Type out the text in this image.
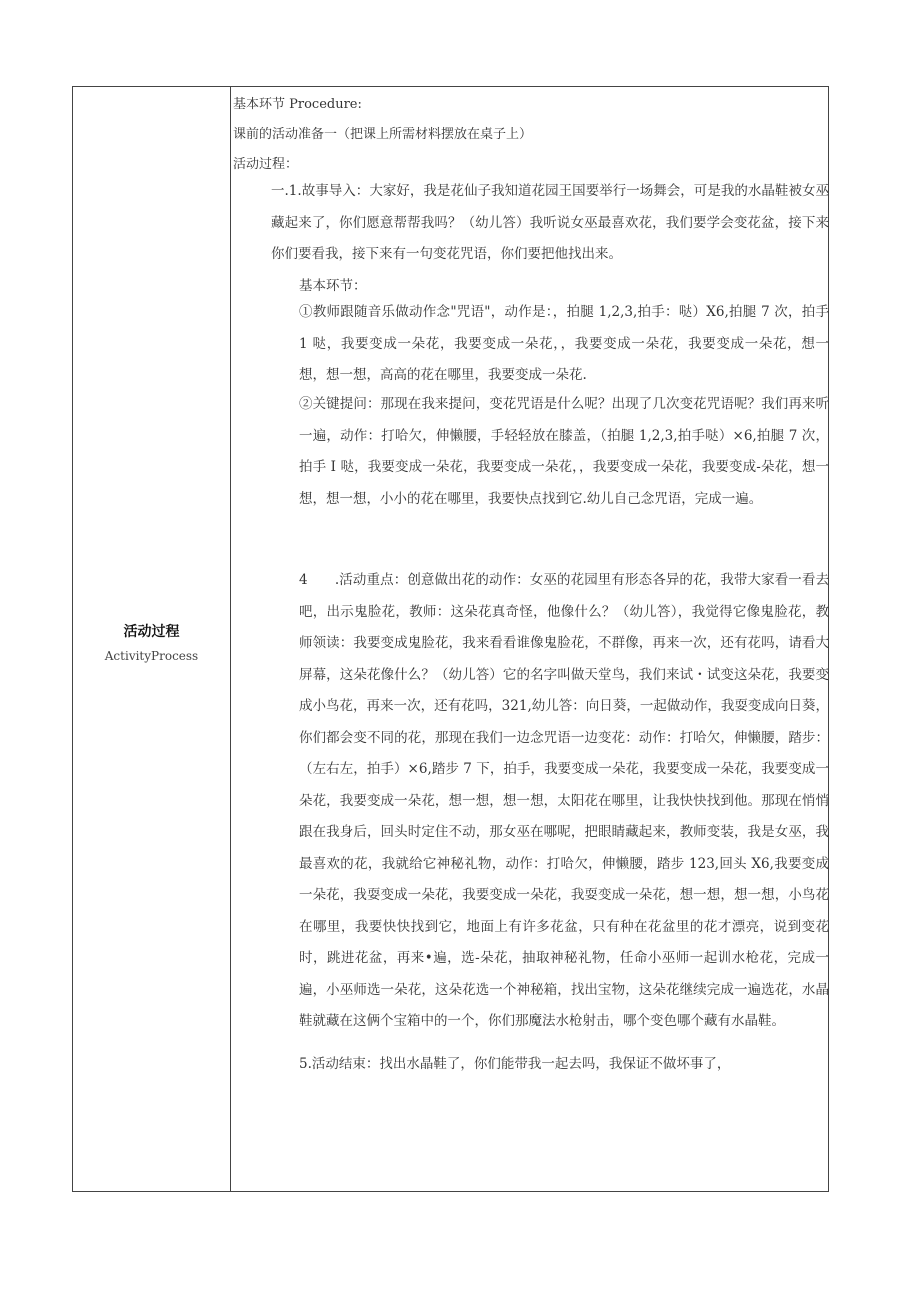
活动过程
ActivityProcess
基本环节 Procedure:
课前的活动准备一（把课上所需材料摆放在桌子上）
活动过程：
一.1.故事导入：大家好，我是花仙子我知道花园王国要举行一场舞会，可是我的水晶鞋被女巫藏起来了，你们愿意帮帮我吗？（幼儿答）我听说女巫最喜欢花，我们要学会变花盆，接下来你们要看我，接下来有一句变花咒语，你们要把他找出来。
基本环节：
①教师跟随音乐做动作念"咒语"，动作是：，拍腿 1,2,3,拍手：哒）X6,拍腿 7 次，拍手 1 哒，我要变成一朵花，我要变成一朵花，，我要变成一朵花，我要变成一朵花，想一想，想一想，高高的花在哪里，我要变成一朵花.
②关键提问：那现在我来提问，变花咒语是什么呢？出现了几次变花咒语呢？我们再来听一遍，动作：打哈欠，伸懒腰，手轻轻放在膝盖，（拍腿 1,2,3,拍手哒）×6,拍腿 7 次，拍手 I 哒，我要变成一朵花，我要变成一朵花，，我要变成一朵花，我要变成-朵花，想一想，想一想，小小的花在哪里，我要快点找到它.幼儿自己念咒语，完成一遍。
4　　.活动重点：创意做出花的动作：女巫的花园里有形态各异的花，我带大家看一看去吧，出示鬼脸花，教师：这朵花真奇怪，他像什么？（幼儿答），我觉得它像鬼脸花，教师领读：我要变成鬼脸花，我来看看谁像鬼脸花，不群像，再来一次，还有花吗，请看大屏幕，这朵花像什么？（幼儿答）它的名字叫做天堂鸟，我们来试・试变这朵花，我要变成小鸟花，再来一次，还有花吗，321,幼儿答：向日葵，一起做动作，我耍变成向日葵，你们都会变不同的花，那现在我们一边念咒语一边变花：动作：打哈欠，伸懒腰，踏步：（左右左，拍手）×6,踏步 7 下，拍手，我要变成一朵花，我要变成一朵花，我要变成一朵花，我要变成一朵花，想一想，想一想，太阳花在哪里，让我快快找到他。那现在悄悄跟在我身后，回头时定住不动，那女巫在哪呢，把眼睛藏起来，教师变装，我是女巫，我最喜欢的花，我就给它神秘礼物，动作：打哈欠，伸懒腰，踏步 123,回头 X6,我要变成一朵花，我耍变成一朵花，我要变成一朵花，我耍变成一朵花，想一想，想一想，小鸟花在哪里，我要快快找到它，地面上有许多花盆，只有种在花盆里的花才漂亮，说到变花时，跳进花盆，再来•遍，选-朵花，抽取神秘礼物，任命小巫师一起训水枪花，完成一遍，小巫师选一朵花，这朵花选一个神秘箱，找出宝物，这朵花继续完成一遍选花，水晶鞋就藏在这俩个宝箱中的一个，你们那魔法水枪射击，哪个变色哪个藏有水晶鞋。
5.活动结束：找出水晶鞋了，你们能带我一起去吗，我保证不做坏事了，
